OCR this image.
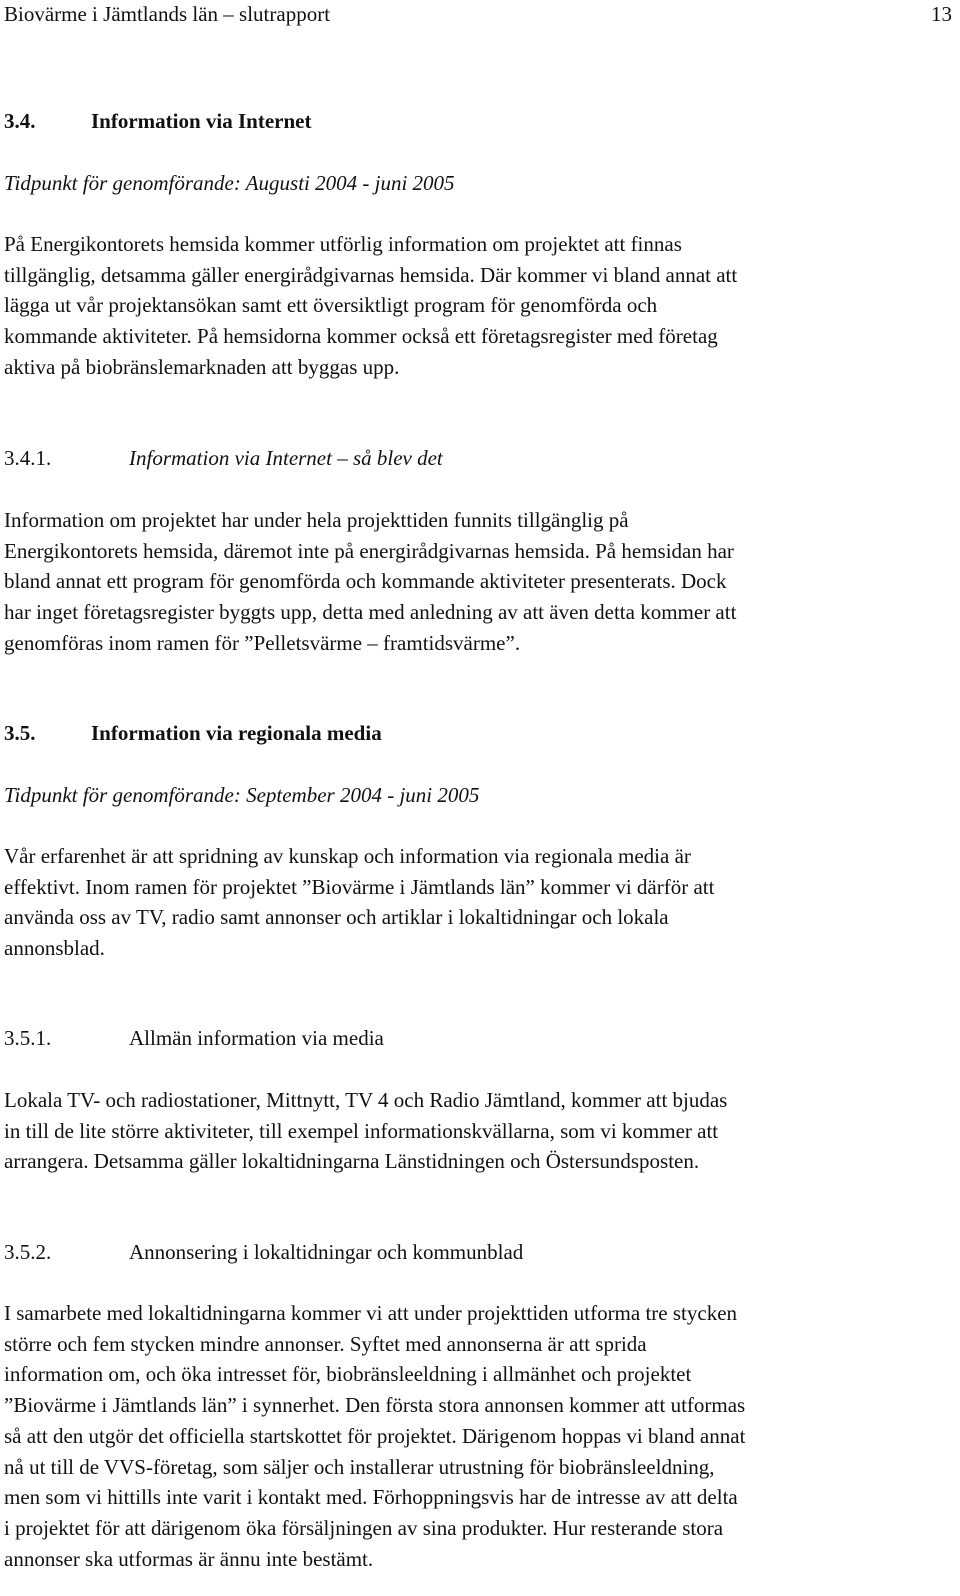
Biovärme i Jämtlands län – slutrapport	13
3.4.	Information via Internet
Tidpunkt för genomförande: Augusti 2004 - juni 2005
På Energikontorets hemsida kommer utförlig information om projektet att finnas
tillgänglig, detsamma gäller energirådgivarnas hemsida. Där kommer vi bland annat att
lägga ut vår projektansökan samt ett översiktligt program för genomförda och
kommande aktiviteter. På hemsidorna kommer också ett företagsregister med företag
aktiva på biobränslemarknaden att byggas upp.
3.4.1.	Information via Internet – så blev det
Information om projektet har under hela projekttiden funnits tillgänglig på
Energikontorets hemsida, däremot inte på energirådgivarnas hemsida. På hemsidan har
bland annat ett program för genomförda och kommande aktiviteter presenterats. Dock
har inget företagsregister byggts upp, detta med anledning av att även detta kommer att
genomföras inom ramen för ”Pelletsvärme – framtidsvärme”.
3.5.	Information via regionala media
Tidpunkt för genomförande: September 2004 - juni 2005
Vår erfarenhet är att spridning av kunskap och information via regionala media är
effektivt. Inom ramen för projektet ”Biovärme i Jämtlands län” kommer vi därför att
använda oss av TV, radio samt annonser och artiklar i lokaltidningar och lokala
annonsblad.
3.5.1.	Allmän information via media
Lokala TV- och radiostationer, Mittnytt, TV 4 och Radio Jämtland, kommer att bjudas
in till de lite större aktiviteter, till exempel informationskvällarna, som vi kommer att
arrangera. Detsamma gäller lokaltidningarna Länstidningen och Östersundsposten.
3.5.2.	Annonsering i lokaltidningar och kommunblad
I samarbete med lokaltidningarna kommer vi att under projekttiden utforma tre stycken
större och fem stycken mindre annonser. Syftet med annonserna är att sprida
information om, och öka intresset för, biobränsleeldning i allmänhet och projektet
”Biovärme i Jämtlands län” i synnerhet. Den första stora annonsen kommer att utformas
så att den utgör det officiella startskottet för projektet. Därigenom hoppas vi bland annat
nå ut till de VVS-företag, som säljer och installerar utrustning för biobränsleeldning,
men som vi hittills inte varit i kontakt med. Förhoppningsvis har de intresse av att delta
i projektet för att därigenom öka försäljningen av sina produkter. Hur resterande stora
annonser ska utformas är ännu inte bestämt.
